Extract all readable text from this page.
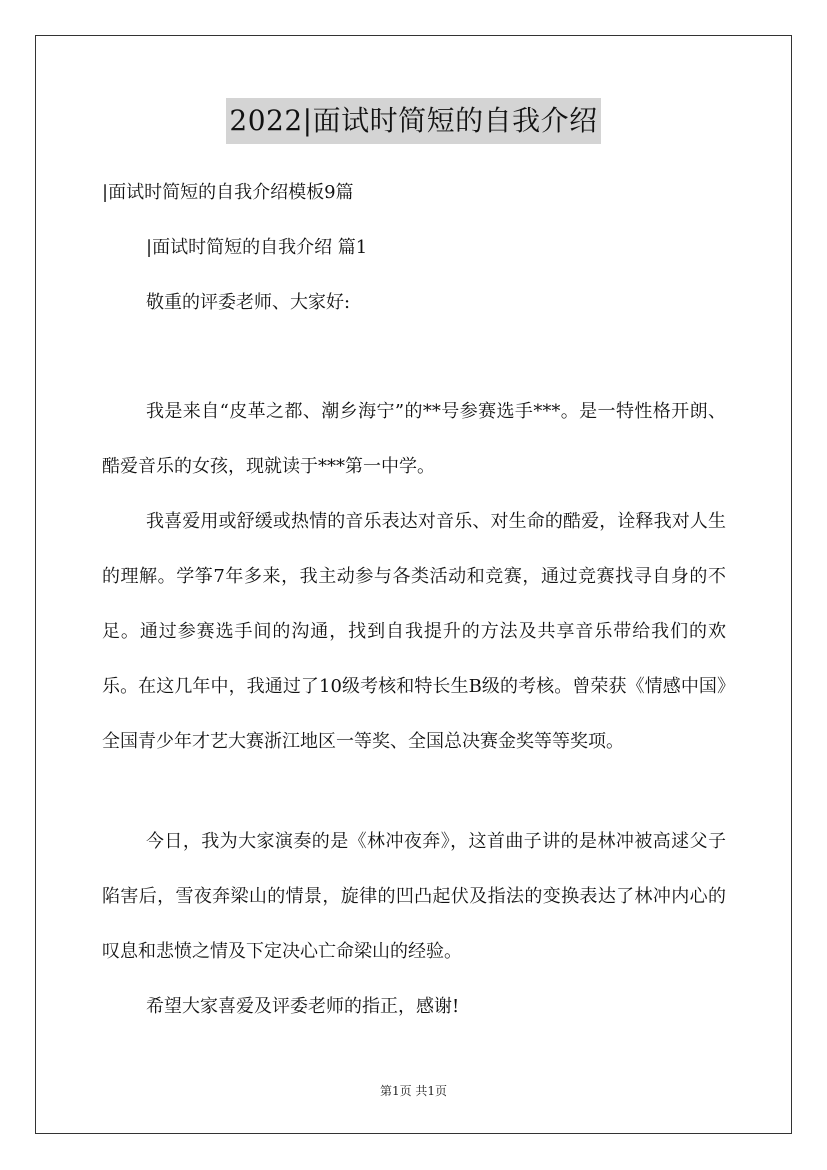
2022|面试时简短的自我介绍
|面试时简短的自我介绍模板9篇
|面试时简短的自我介绍 篇1
敬重的评委老师、大家好:

我是来自“皮革之都、潮乡海宁”的**号参赛选手***。是一特性格开朗、酷爱音乐的女孩，现就读于***第一中学。

我喜爱用或舒缓或热情的音乐表达对音乐、对生命的酷爱，诠释我对人生的理解。学筝7年多来，我主动参与各类活动和竞赛，通过竞赛找寻自身的不足。通过参赛选手间的沟通，找到自我提升的方法及共享音乐带给我们的欢乐。在这几年中，我通过了10级考核和特长生B级的考核。曾荣获《情感中国》全国青少年才艺大赛浙江地区一等奖、全国总决赛金奖等等奖项。

今日，我为大家演奏的是《林冲夜奔》，这首曲子讲的是林冲被高逑父子陷害后，雪夜奔梁山的情景，旋律的凹凸起伏及指法的变换表达了林冲内心的叹息和悲愤之情及下定决心亡命梁山的经验。

希望大家喜爱及评委老师的指正，感谢!

第1页 共1页
